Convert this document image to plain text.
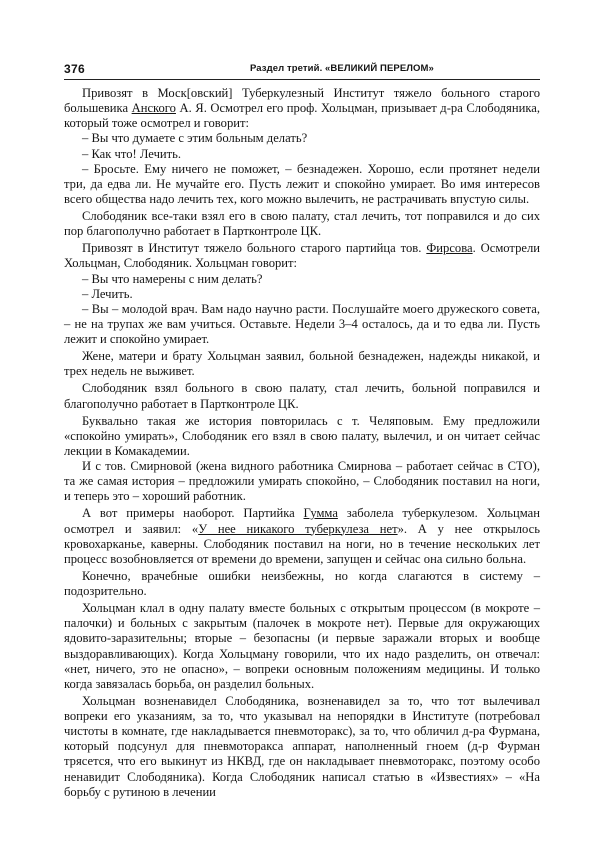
376	Раздел третий. «ВЕЛИКИЙ ПЕРЕЛОМ»

Привозят в Моск[овский] Туберкулезный Институт тяжело больного старого большевика Анского А. Я. Осмотрел его проф. Хольцман, призывает д-ра Слободяника, который тоже осмотрел и говорит:

– Вы что думаете с этим больным делать?

– Как что! Лечить.

– Бросьте. Ему ничего не поможет, – безнадежен. Хорошо, если протянет недели три, да едва ли. Не мучайте его. Пусть лежит и спокойно умирает. Во имя интересов всего общества надо лечить тех, кого можно вылечить, не растрачивать впустую силы.

Слободяник все-таки взял его в свою палату, стал лечить, тот поправился и до сих пор благополучно работает в Партконтроле ЦК.

Привозят в Институт тяжело больного старого партийца тов. Фирсова. Осмотрели Хольцман, Слободяник. Хольцман говорит:

– Вы что намерены с ним делать?

– Лечить.

– Вы – молодой врач. Вам надо научно расти. Послушайте моего дружеского совета, – не на трупах же вам учиться. Оставьте. Недели 3–4 осталось, да и то едва ли. Пусть лежит и спокойно умирает.

Жене, матери и брату Хольцман заявил, больной безнадежен, надежды никакой, и трех недель не выживет.

Слободяник взял больного в свою палату, стал лечить, больной поправился и благополучно работает в Партконтроле ЦК.

Буквально такая же история повторилась с т. Челяповым. Ему предложили «спокойно умирать», Слободяник его взял в свою палату, вылечил, и он читает сейчас лекции в Комакадемии.

И с тов. Смирновой (жена видного работника Смирнова – работает сейчас в СТО), та же самая история – предложили умирать спокойно, – Слободяник поставил на ноги, и теперь это – хороший работник.

А вот примеры наоборот. Партийка Гумма заболела туберкулезом. Хольцман осмотрел и заявил: «У нее никакого туберкулеза нет». А у нее открылось кровохарканье, каверны. Слободяник поставил на ноги, но в течение нескольких лет процесс возобновляется от времени до времени, запущен и сейчас она сильно больна.

Конечно, врачебные ошибки неизбежны, но когда слагаются в систему – подозрительно.

Хольцман клал в одну палату вместе больных с открытым процессом (в мокроте – палочки) и больных с закрытым (палочек в мокроте нет). Первые для окружающих ядовито-заразительны; вторые – безопасны (и первые заражали вторых и вообще выздоравливающих). Когда Хольцману говорили, что их надо разделить, он отвечал: «нет, ничего, это не опасно», – вопреки основным положениям медицины. И только когда завязалась борьба, он разделил больных.

Хольцман возненавидел Слободяника, возненавидел за то, что тот вылечивал вопреки его указаниям, за то, что указывал на непорядки в Институте (потребовал чистоты в комнате, где накладывается пневмоторакс), за то, что обличил д-ра Фурмана, который подсунул для пневмоторакса аппарат, наполненный гноем (д-р Фурман трясется, что его выкинут из НКВД, где он накладывает пневмоторакс, поэтому особо ненавидит Слободяника). Когда Слободяник написал статью в «Известиях» – «На борьбу с рутиною в лечении
